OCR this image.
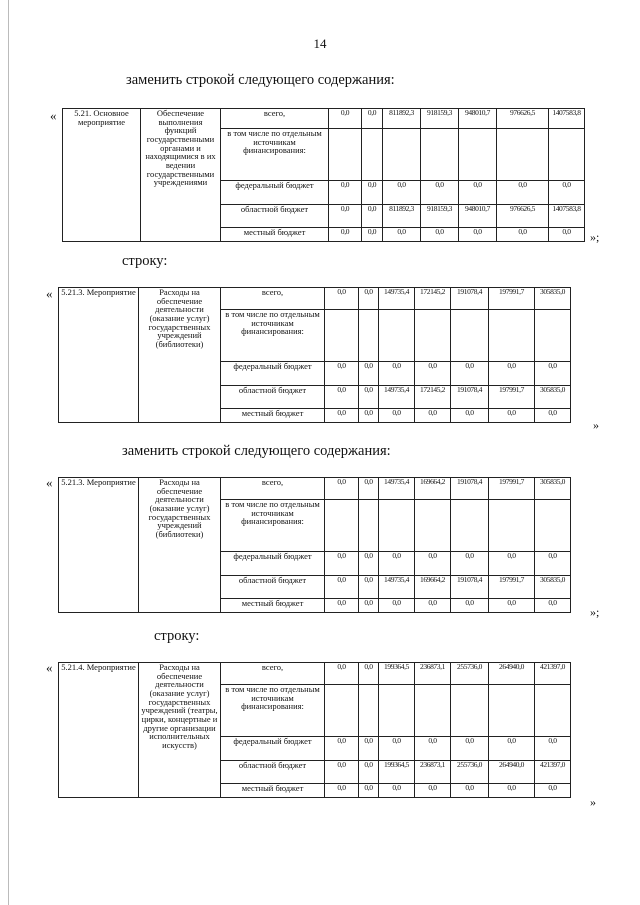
14
заменить строкой следующего содержания:
« 5.21. Основное мероприятие	Обеспечение выполнения функций государственными органами и находящимися в их ведении государственными учреждениями	всего,	0,0	0,0	811892,3	918159,3	948010,7	976626,5	1407583,8
		в том числе по отдельным источникам финансирования:							
		федеральный бюджет	0,0	0,0	0,0	0,0	0,0	0,0	0,0
		областной бюджет	0,0	0,0	811892,3	918159,3	948010,7	976626,5	1407583,8
		местный бюджет	0,0	0,0	0,0	0,0	0,0	0,0	0,0 »;
строку:
« 5.21.3. Мероприятие	Расходы на обеспечение деятельности (оказание услуг) государственных учреждений (библиотеки)	всего,	0,0	0,0	149735,4	172145,2	191078,4	197991,7	305835,0
		в том числе по отдельным источникам финансирования:							
		федеральный бюджет	0,0	0,0	0,0	0,0	0,0	0,0	0,0
		областной бюджет	0,0	0,0	149735,4	172145,2	191078,4	197991,7	305835,0
		местный бюджет	0,0	0,0	0,0	0,0	0,0	0,0	0,0
»
заменить строкой следующего содержания:
« 5.21.3. Мероприятие	Расходы на обеспечение деятельности (оказание услуг) государственных учреждений (библиотеки)	всего,	0,0	0,0	149735,4	169664,2	191078,4	197991,7	305835,0
		в том числе по отдельным источникам финансирования:							
		федеральный бюджет	0,0	0,0	0,0	0,0	0,0	0,0	0,0
		областной бюджет	0,0	0,0	149735,4	169664,2	191078,4	197991,7	305835,0
		местный бюджет	0,0	0,0	0,0	0,0	0,0	0,0	0,0
»;
строку:
« 5.21.4. Мероприятие	Расходы на обеспечение деятельности (оказание услуг) государственных учреждений (театры, цирки, концертные и другие организации исполнительных искусств)	всего,	0,0	0,0	199364,5	236873,1	255736,0	264940,0	421397,0
		в том числе по отдельным источникам финансирования:							
		федеральный бюджет	0,0	0,0	0,0	0,0	0,0	0,0	0,0
		областной бюджет	0,0	0,0	199364,5	236873,1	255736,0	264940,0	421397,0
		местный бюджет	0,0	0,0	0,0	0,0	0,0	0,0	0,0
»
